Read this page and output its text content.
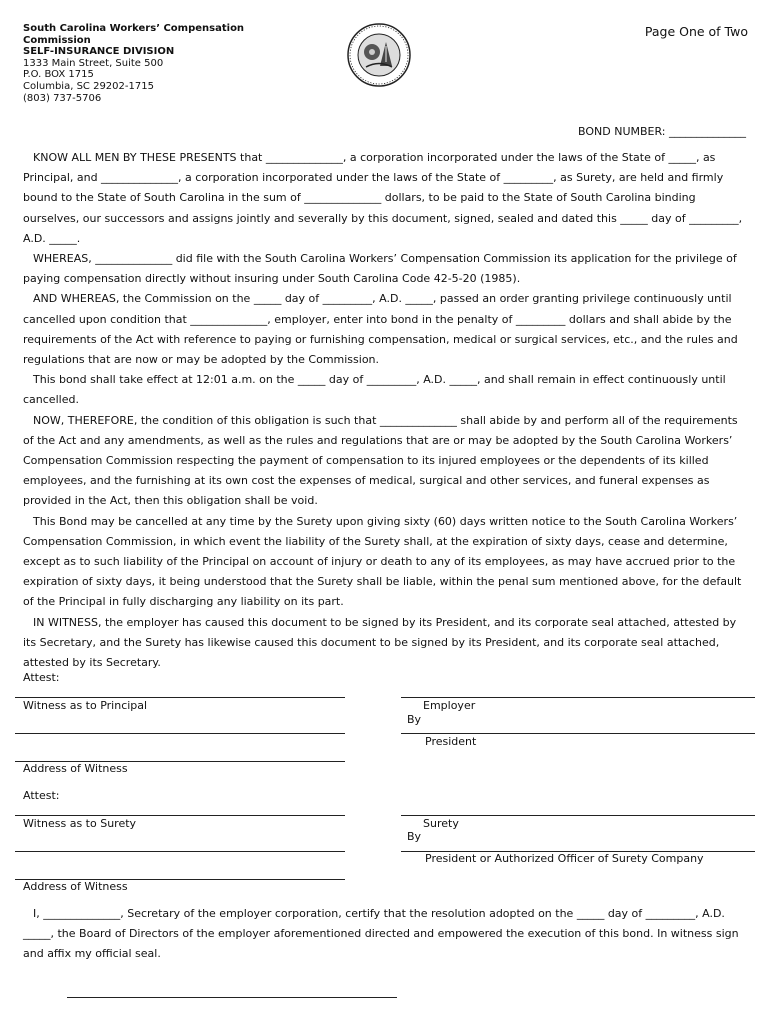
South Carolina Workers’ Compensation
Commission
SELF-INSURANCE DIVISION
1333 Main Street, Suite 500
P.O. BOX 1715
Columbia, SC 29202-1715
(803) 737-5706
Page One of Two
BOND NUMBER: ______________

KNOW ALL MEN BY THESE PRESENTS that ______________, a corporation incorporated under the laws of the State of _____, as Principal, and ______________, a corporation incorporated under the laws of the State of _________, as Surety, are held and firmly bound to the State of South Carolina in the sum of ______________ dollars, to be paid to the State of South Carolina binding ourselves, our successors and assigns jointly and severally by this document, signed, sealed and dated this _____ day of _________, A.D. _____.

WHEREAS, ______________ did file with the South Carolina Workers’ Compensation Commission its application for the privilege of paying compensation directly without insuring under South Carolina Code 42-5-20 (1985).

AND WHEREAS, the Commission on the _____ day of _________, A.D. _____, passed an order granting privilege continuously until cancelled upon condition that ______________, employer, enter into bond in the penalty of _________ dollars and shall abide by the requirements of the Act with reference to paying or furnishing compensation, medical or surgical services, etc., and the rules and regulations that are now or may be adopted by the Commission.

This bond shall take effect at 12:01 a.m. on the _____ day of _________, A.D. _____, and shall remain in effect continuously until cancelled.

NOW, THEREFORE, the condition of this obligation is such that ______________ shall abide by and perform all of the requirements of the Act and any amendments, as well as the rules and regulations that are or may be adopted by the South Carolina Workers’ Compensation Commission respecting the payment of compensation to its injured employees or the dependents of its killed employees, and the furnishing at its own cost the expenses of medical, surgical and other services, and funeral expenses as provided in the Act, then this obligation shall be void.

This Bond may be cancelled at any time by the Surety upon giving sixty (60) days written notice to the South Carolina Workers’ Compensation Commission, in which event the liability of the Surety shall, at the expiration of sixty days, cease and determine, except as to such liability of the Principal on account of injury or death to any of its employees, as may have accrued prior to the expiration of sixty days, it being understood that the Surety shall be liable, within the penal sum mentioned above, for the default of the Principal in fully discharging any liability on its part.

IN WITNESS, the employer has caused this document to be signed by its President, and its corporate seal attached, attested by its Secretary, and the Surety has likewise caused this document to be signed by its President, and its corporate seal attached, attested by its Secretary.

Attest:
Witness as to Principal	Employer
By
President
Address of Witness
Attest:
Witness as to Surety	Surety
By
President or Authorized Officer of Surety Company
Address of Witness

I, ______________, Secretary of the employer corporation, certify that the resolution adopted on the _____ day of _________, A.D. _____, the Board of Directors of the employer aforementioned directed and empowered the execution of this bond. In witness sign and affix my official seal.
